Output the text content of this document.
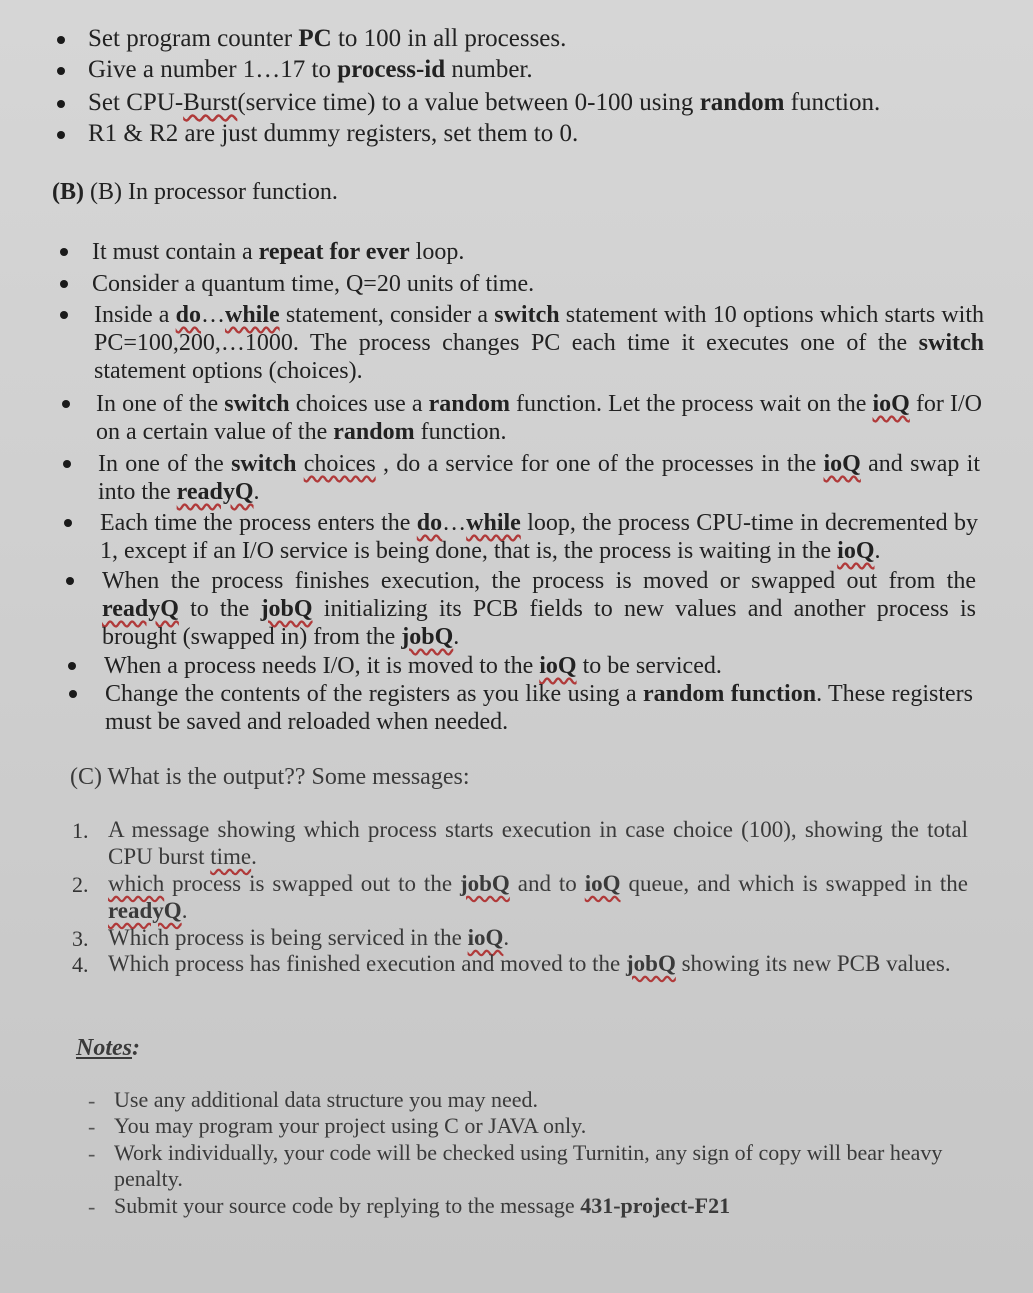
Set program counter PC to 100 in all processes.
Give a number 1…17 to process-id number.
Set CPU-Burst(service time) to a value between 0-100 using random function.
R1 & R2 are just dummy registers, set them to 0.
(B) (B) In processor function.
It must contain a repeat for ever loop.
Consider a quantum time, Q=20 units of time.
Inside a do…while statement, consider a switch statement with 10 options which starts with PC=100,200,…1000. The process changes PC each time it executes one of the switch statement options (choices).
In one of the switch choices use a random function. Let the process wait on the ioQ for I/O on a certain value of the random function.
In one of the switch choices , do a service for one of the processes in the ioQ and swap it into the readyQ.
Each time the process enters the do…while loop, the process CPU-time in decremented by 1, except if an I/O service is being done, that is, the process is waiting in the ioQ.
When the process finishes execution, the process is moved or swapped out from the readyQ to the jobQ initializing its PCB fields to new values and another process is brought (swapped in) from the jobQ.
When a process needs I/O, it is moved to the ioQ to be serviced.
Change the contents of the registers as you like using a random function. These registers must be saved and reloaded when needed.
(C) What is the output?? Some messages:
1. A message showing which process starts execution in case choice (100), showing the total CPU burst time.
2. which process is swapped out to the jobQ and to ioQ queue, and which is swapped in the readyQ.
3. Which process is being serviced in the ioQ.
4. Which process has finished execution and moved to the jobQ showing its new PCB values.
Notes:
- Use any additional data structure you may need.
- You may program your project using C or JAVA only.
- Work individually, your code will be checked using Turnitin, any sign of copy will bear heavy penalty.
- Submit your source code by replying to the message 431-project-F21
